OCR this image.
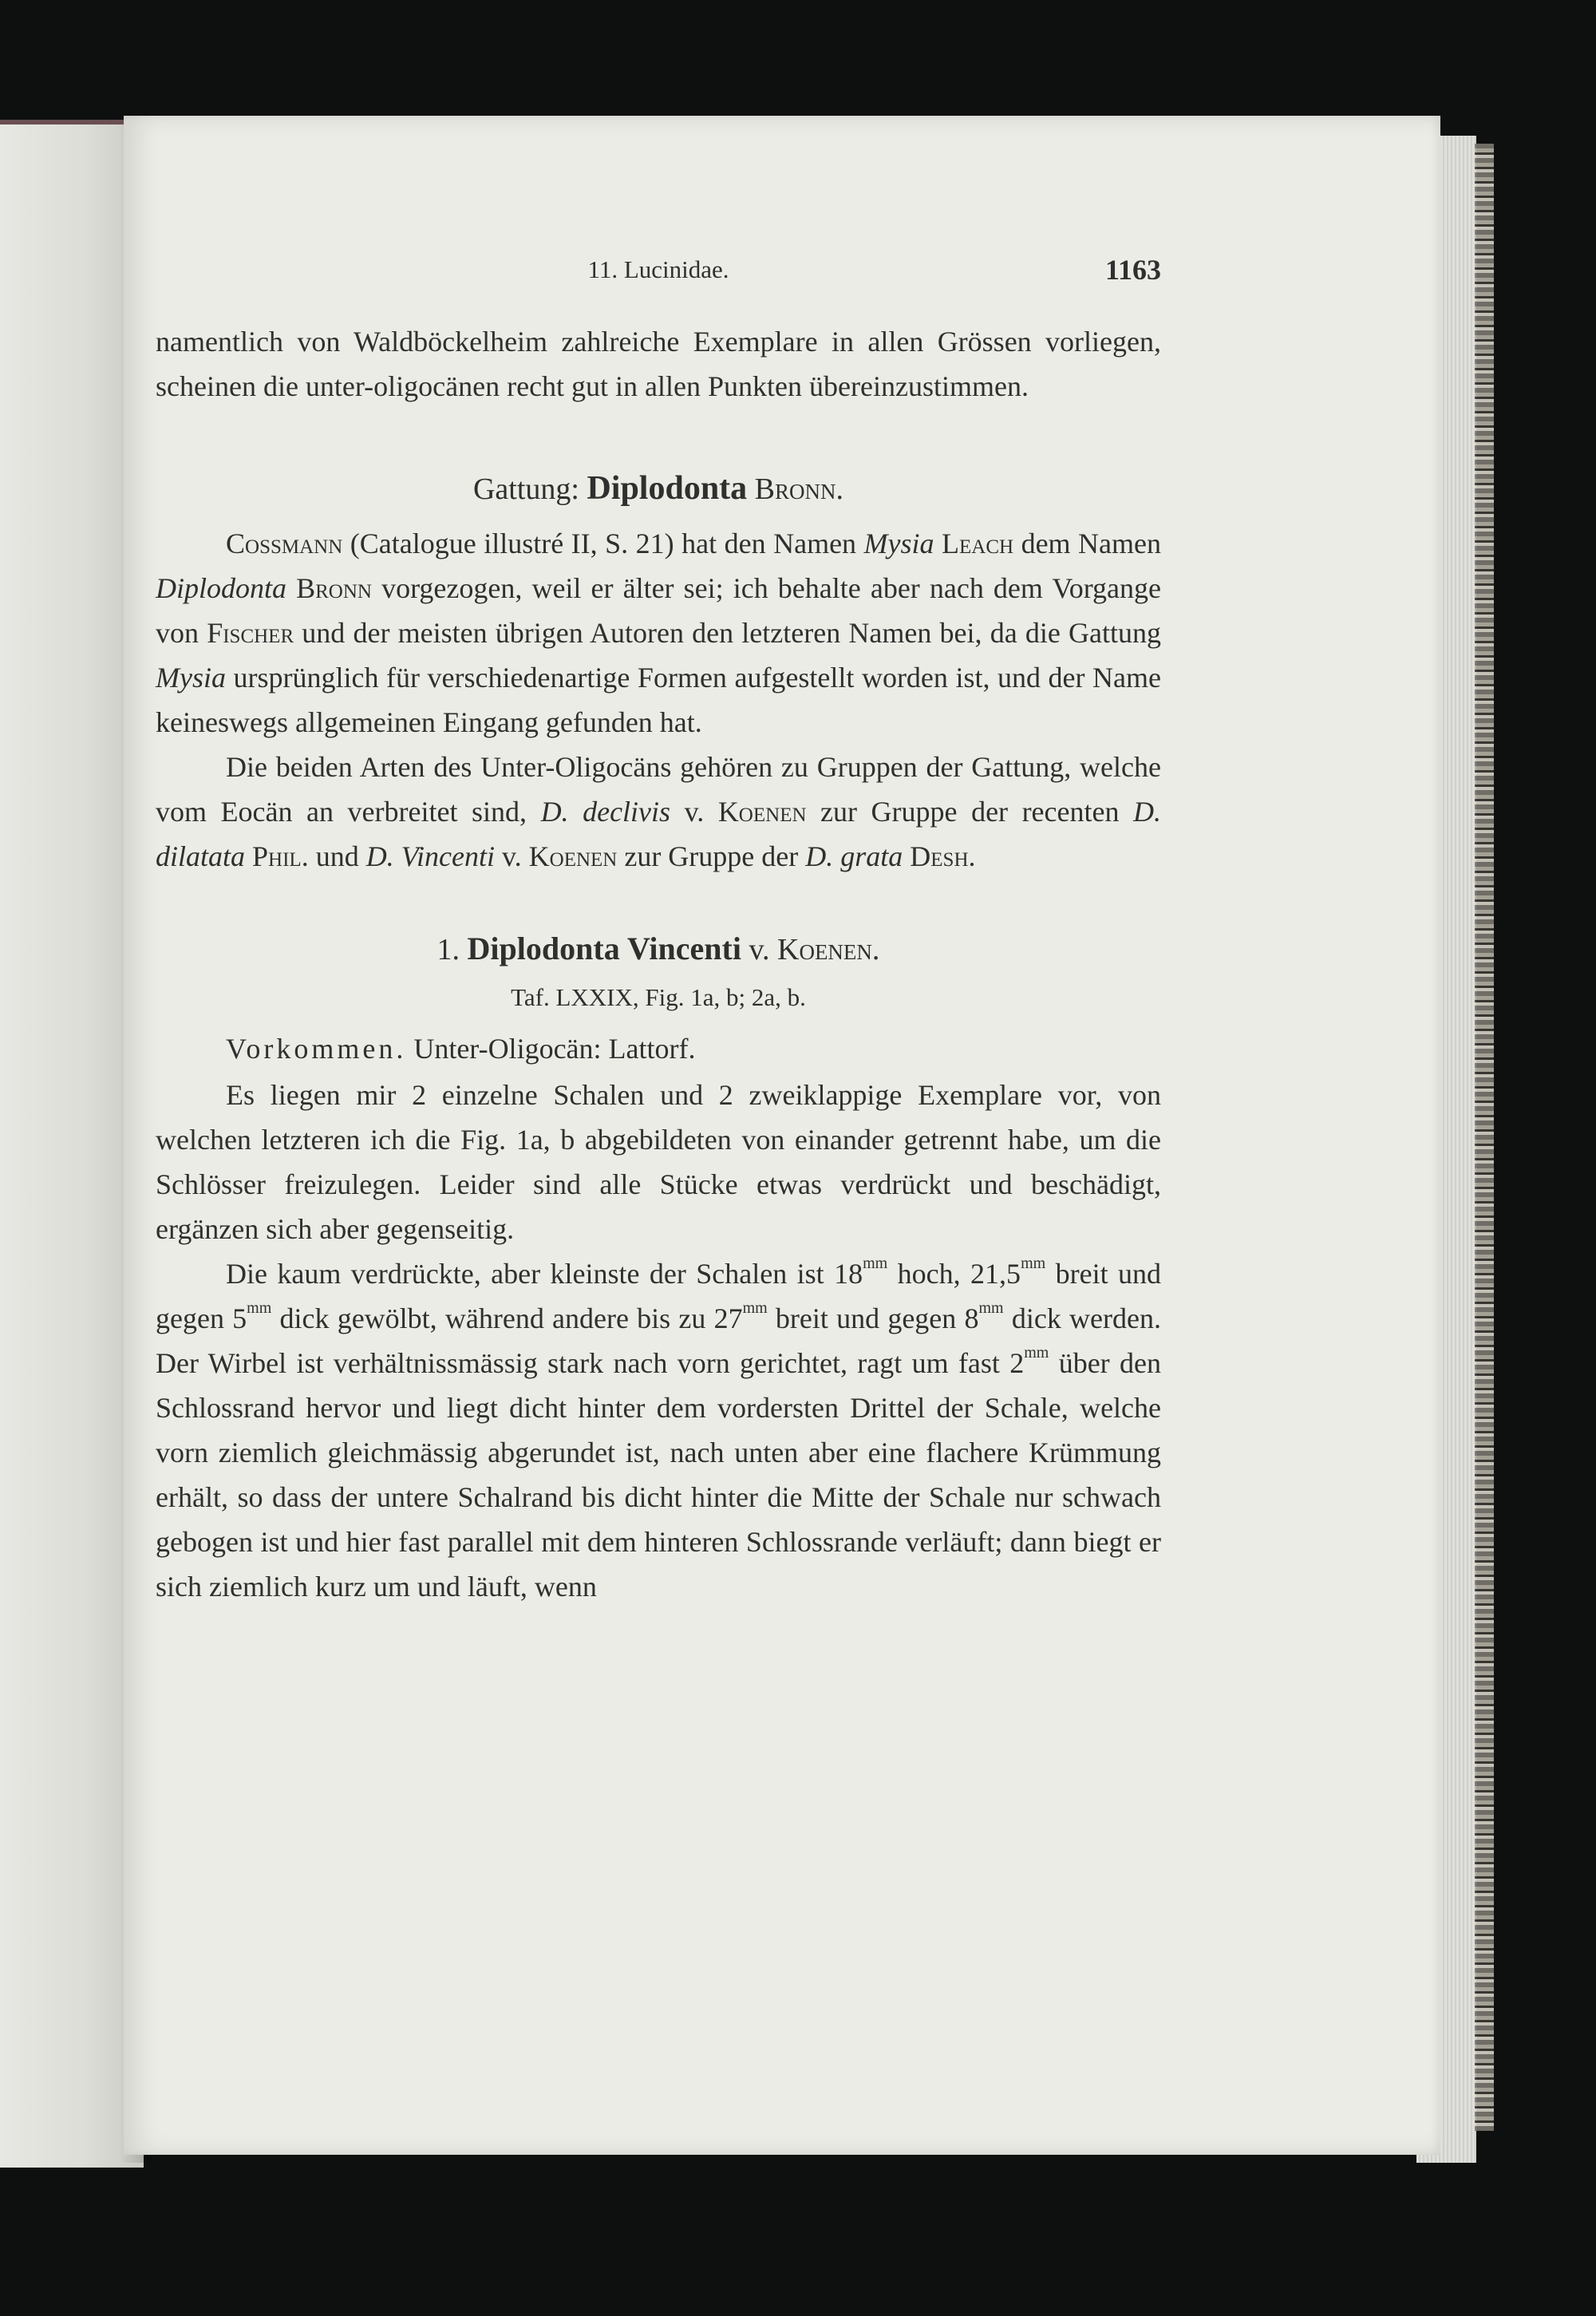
11. Lucinidae.	1163

namentlich von Waldböckelheim zahlreiche Exemplare in allen Grössen vorliegen, scheinen die unter-oligocänen recht gut in allen Punkten übereinzustimmen.

Gattung: Diplodonta Bronn.

Cossmann (Catalogue illustré II, S. 21) hat den Namen Mysia Leach dem Namen Diplodonta Bronn vorgezogen, weil er älter sei; ich behalte aber nach dem Vorgange von Fischer und der meisten übrigen Autoren den letzteren Namen bei, da die Gattung Mysia ursprünglich für verschiedenartige Formen aufgestellt worden ist, und der Name keineswegs allgemeinen Eingang gefunden hat.

Die beiden Arten des Unter-Oligocäns gehören zu Gruppen der Gattung, welche vom Eocän an verbreitet sind, D. declivis v. Koenen zur Gruppe der recenten D. dilatata Phil. und D. Vincenti v. Koenen zur Gruppe der D. grata Desh.

1. Diplodonta Vincenti v. Koenen.
Taf. LXXIX, Fig. 1a, b; 2a, b.

Vorkommen. Unter-Oligocän: Lattorf.

Es liegen mir 2 einzelne Schalen und 2 zweiklappige Exemplare vor, von welchen letzteren ich die Fig. 1a, b abgebildeten von einander getrennt habe, um die Schlösser freizulegen. Leider sind alle Stücke etwas verdrückt und beschädigt, ergänzen sich aber gegenseitig.

Die kaum verdrückte, aber kleinste der Schalen ist $18^{mm}$ hoch, $21,5^{mm}$ breit und gegen $5^{mm}$ dick gewölbt, während andere bis zu $27^{mm}$ breit und gegen $8^{mm}$ dick werden. Der Wirbel ist verhältnissmässig stark nach vorn gerichtet, ragt um fast $2^{mm}$ über den Schlossrand hervor und liegt dicht hinter dem vordersten Drittel der Schale, welche vorn ziemlich gleichmässig abgerundet ist, nach unten aber eine flachere Krümmung erhält, so dass der untere Schalrand bis dicht hinter die Mitte der Schale nur schwach gebogen ist und hier fast parallel mit dem hinteren Schlossrande verläuft; dann biegt er sich ziemlich kurz um und läuft, wenn
